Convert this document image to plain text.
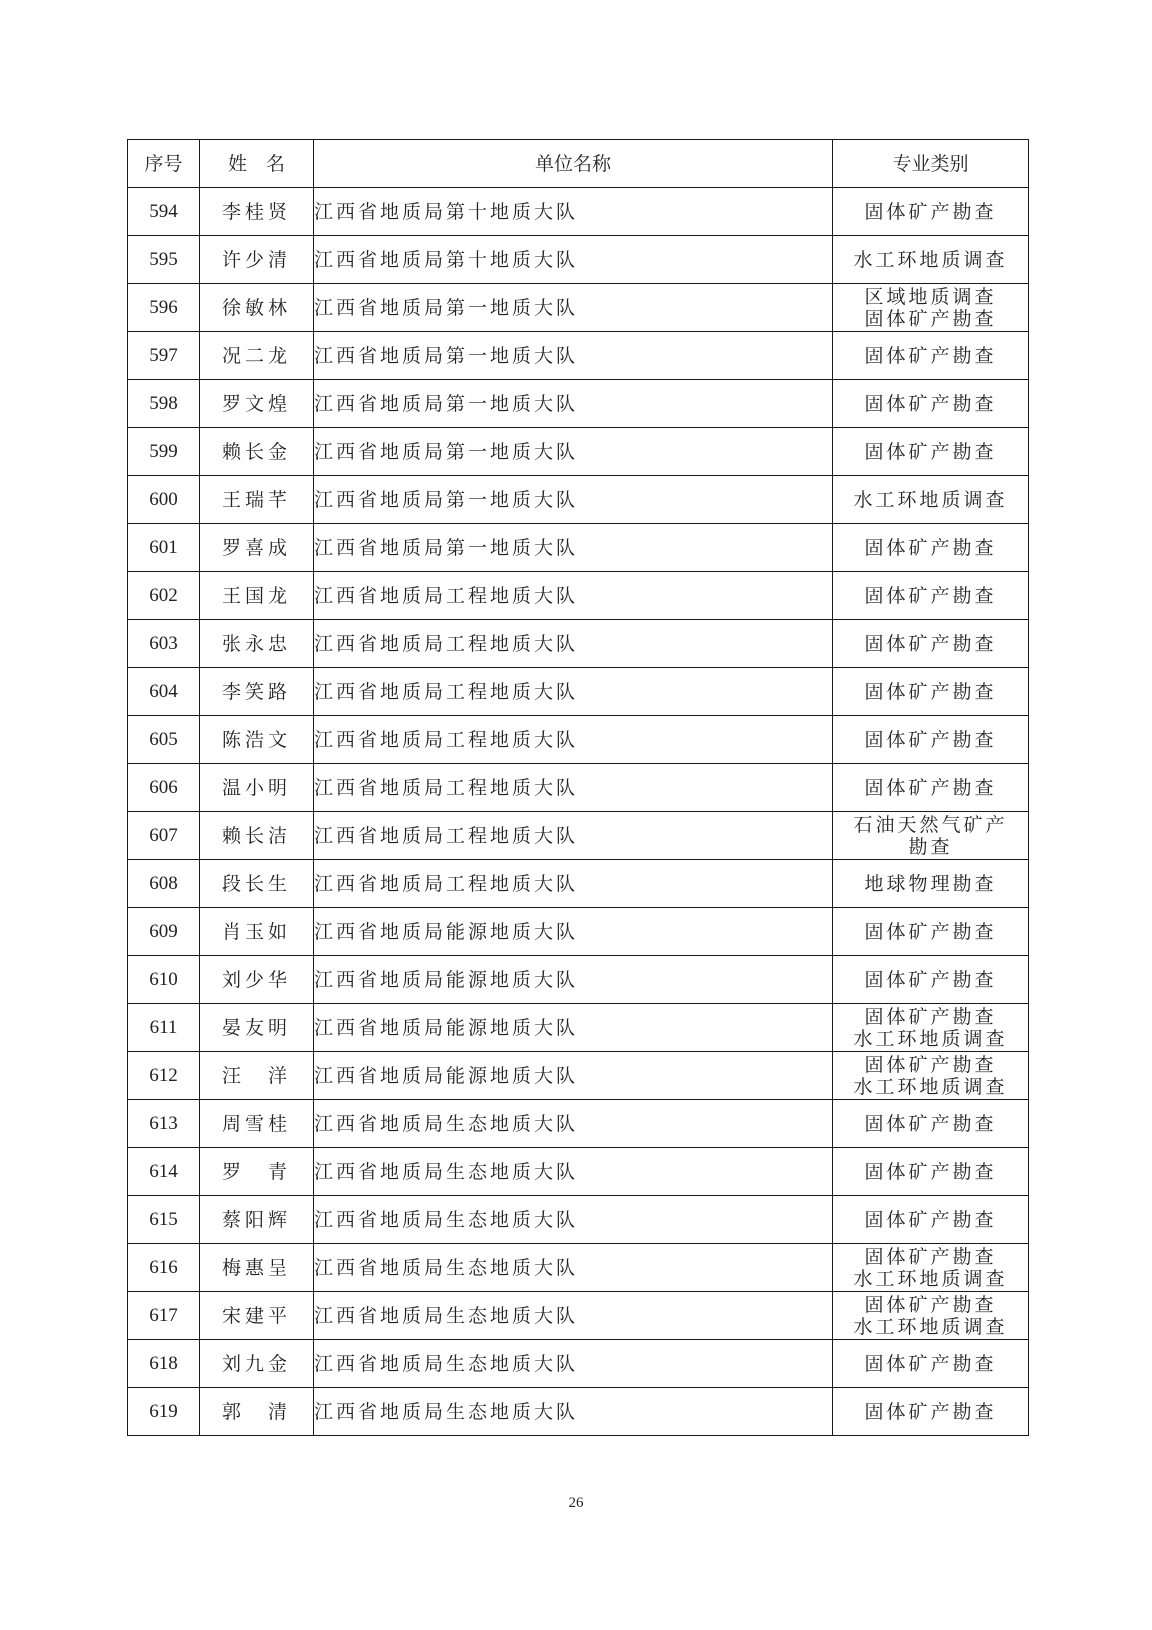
序号	姓　名	单位名称	专业类别
594	李桂贤	江西省地质局第十地质大队	固体矿产勘查

595	许少清	江西省地质局第十地质大队	水工环地质调查

596	徐敏林	江西省地质局第一地质大队	区域地质调查
固体矿产勘查

597	况二龙	江西省地质局第一地质大队	固体矿产勘查

598	罗文煌	江西省地质局第一地质大队	固体矿产勘查

599	赖长金	江西省地质局第一地质大队	固体矿产勘查

600	王瑞芊	江西省地质局第一地质大队	水工环地质调查

601	罗喜成	江西省地质局第一地质大队	固体矿产勘查

602	王国龙	江西省地质局工程地质大队	固体矿产勘查

603	张永忠	江西省地质局工程地质大队	固体矿产勘查

604	李笑路	江西省地质局工程地质大队	固体矿产勘查

605	陈浩文	江西省地质局工程地质大队	固体矿产勘查

606	温小明	江西省地质局工程地质大队	固体矿产勘查

607	赖长洁	江西省地质局工程地质大队	石油天然气矿产
勘查

608	段长生	江西省地质局工程地质大队	地球物理勘查

609	肖玉如	江西省地质局能源地质大队	固体矿产勘查

610	刘少华	江西省地质局能源地质大队	固体矿产勘查

611	晏友明	江西省地质局能源地质大队	固体矿产勘查
水工环地质调查

612	汪　洋	江西省地质局能源地质大队	固体矿产勘查
水工环地质调查

613	周雪桂	江西省地质局生态地质大队	固体矿产勘查

614	罗　青	江西省地质局生态地质大队	固体矿产勘查

615	蔡阳辉	江西省地质局生态地质大队	固体矿产勘查

616	梅惠呈	江西省地质局生态地质大队	固体矿产勘查
水工环地质调查

617	宋建平	江西省地质局生态地质大队	固体矿产勘查
水工环地质调查

618	刘九金	江西省地质局生态地质大队	固体矿产勘查

619	郭　清	江西省地质局生态地质大队	固体矿产勘查
26
